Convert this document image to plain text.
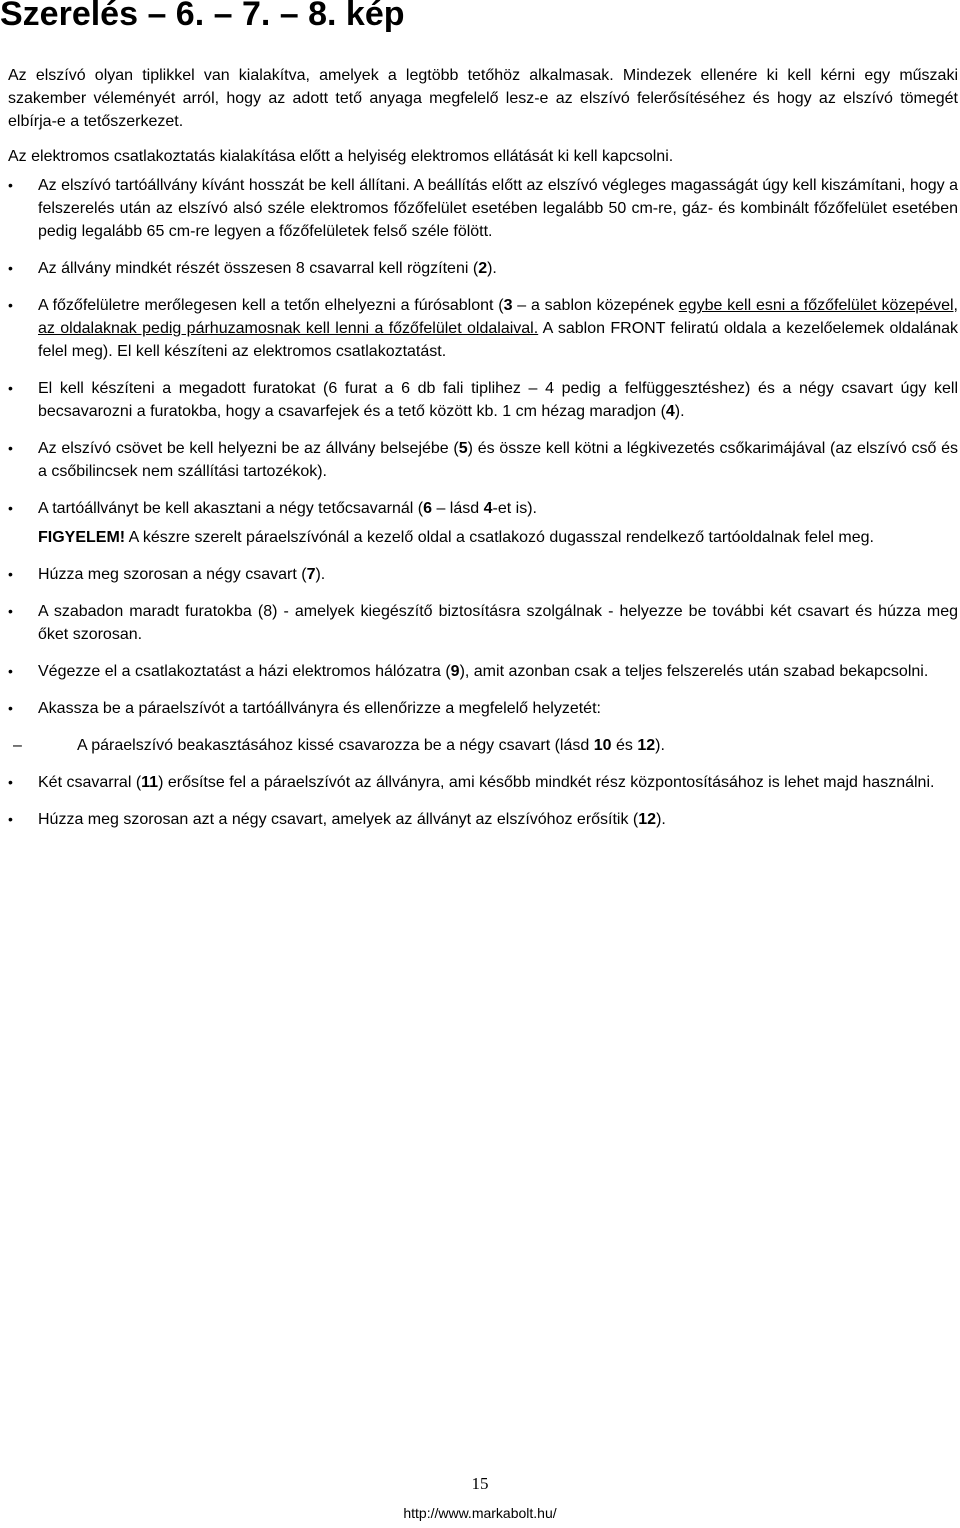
Szerelés – 6. – 7. – 8. kép

Az elszívó olyan tiplikkel van kialakítva, amelyek a legtöbb tetőhöz alkalmasak. Mindezek ellenére ki kell kérni egy műszaki szakember véleményét arról, hogy az adott tető anyaga megfelelő lesz-e az elszívó felerősítéséhez és hogy az elszívó tömegét elbírja-e a tetőszerkezet.

Az elektromos csatlakoztatás kialakítása előtt a helyiség elektromos ellátását ki kell kapcsolni.

• Az elszívó tartóállvány kívánt hosszát be kell állítani. A beállítás előtt az elszívó végleges magasságát úgy kell kiszámítani, hogy a felszerelés után az elszívó alsó széle elektromos főzőfelület esetében legalább 50 cm-re, gáz- és kombinált főzőfelület esetében pedig legalább 65 cm-re legyen a főzőfelületek felső széle fölött.
• Az állvány mindkét részét összesen 8 csavarral kell rögzíteni (2).
• A főzőfelületre merőlegesen kell a tetőn elhelyezni a fúrósablont (3 – a sablon közepének egybe kell esni a főzőfelület közepével, az oldalaknak pedig párhuzamosnak kell lenni a főzőfelület oldalaival. A sablon FRONT feliratú oldala a kezelőelemek oldalának felel meg). El kell készíteni az elektromos csatlakoztatást.
• El kell készíteni a megadott furatokat (6 furat a 6 db fali tiplihez – 4 pedig a felfüggesztéshez) és a négy csavart úgy kell becsavarozni a furatokba, hogy a csavarfejek és a tető között kb. 1 cm hézag maradjon (4).
• Az elszívó csövet be kell helyezni be az állvány belsejébe (5) és össze kell kötni a légkivezetés csőkarimájával (az elszívó cső és a csőbilincsek nem szállítási tartozékok).
• A tartóállványt be kell akasztani a négy tetőcsavarnál (6 – lásd 4-et is).
FIGYELEM! A készre szerelt páraelszívónál a kezelő oldal a csatlakozó dugasszal rendelkező tartóoldalnak felel meg.
• Húzza meg szorosan a négy csavart (7).
• A szabadon maradt furatokba (8) - amelyek kiegészítő biztosításra szolgálnak - helyezze be további két csavart és húzza meg őket szorosan.
• Végezze el a csatlakoztatást a házi elektromos hálózatra (9), amit azonban csak a teljes felszerelés után szabad bekapcsolni.
• Akassza be a páraelszívót a tartóállványra és ellenőrizze a megfelelő helyzetét:
–	A páraelszívó beakasztásához kissé csavarozza be a négy csavart (lásd 10 és 12).
• Két csavarral (11) erősítse fel a páraelszívót az állványra, ami később mindkét rész központosításához is lehet majd használni.
• Húzza meg szorosan azt a négy csavart, amelyek az állványt az elszívóhoz erősítik (12).
15
http://www.markabolt.hu/
